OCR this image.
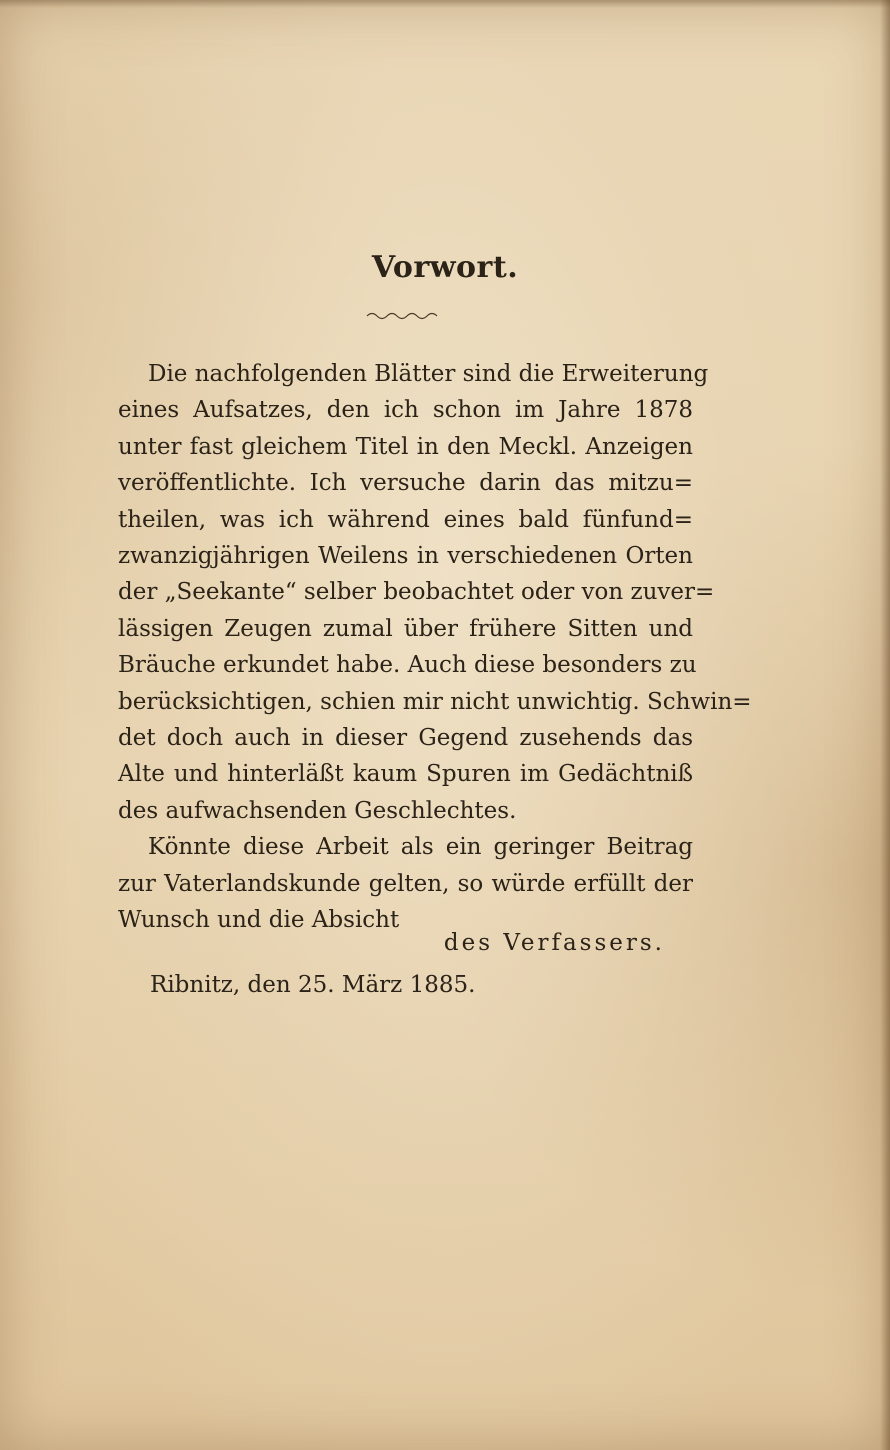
Vorwort.
Die nachfolgenden Blätter sind die Erweiterung
eines Aufsatzes, den ich schon im Jahre 1878
unter fast gleichem Titel in den Meckl. Anzeigen
veröffentlichte. Ich versuche darin das mitzu=
theilen, was ich während eines bald fünfund=
zwanzigjährigen Weilens in verschiedenen Orten
der „Seekante“ selber beobachtet oder von zuver=
lässigen Zeugen zumal über frühere Sitten und
Bräuche erkundet habe. Auch diese besonders zu
berücksichtigen, schien mir nicht unwichtig. Schwin=
det doch auch in dieser Gegend zusehends das
Alte und hinterläßt kaum Spuren im Gedächtniß
des aufwachsenden Geschlechtes.
Könnte diese Arbeit als ein geringer Beitrag
zur Vaterlandskunde gelten, so würde erfüllt der
Wunsch und die Absicht
des Verfassers.
Ribnitz, den 25. März 1885.
